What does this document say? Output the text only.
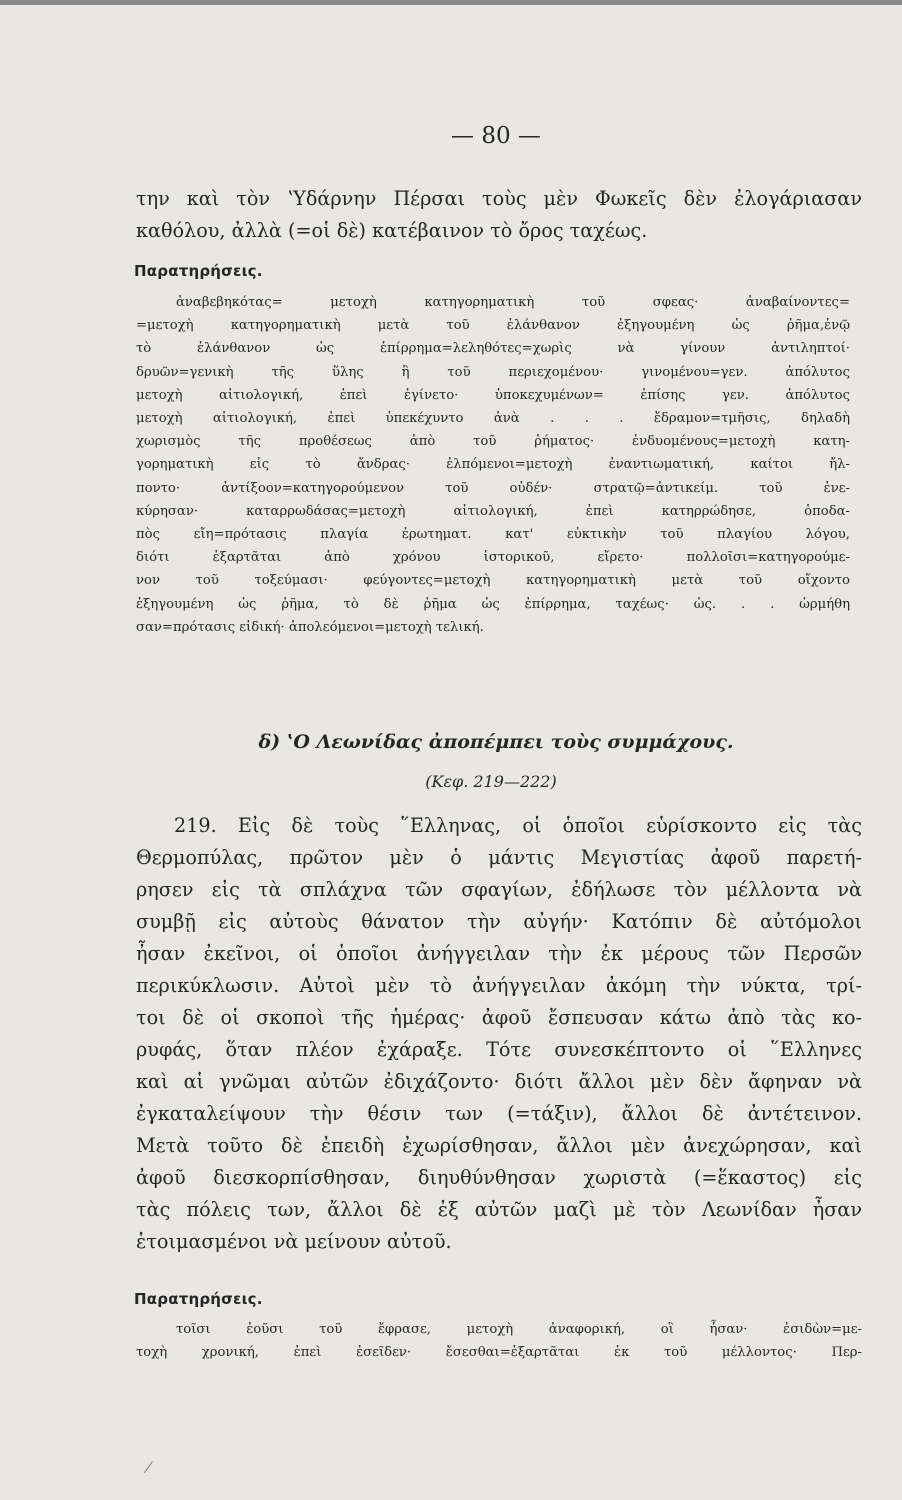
— 80 —
την καὶ τὸν ʽΥδάρνην Πέρσαι τοὺς μὲν Φωκεῖς δὲν ἐλογάριασαν
καθόλου, ἀλλὰ (=οἱ δὲ) κατέβαινον τὸ ὄρος ταχέως.
Παρατηρήσεις.
ἀναβεβηκότας= μετοχὴ κατηγορηματικὴ τοῦ σφεας· ἀναβαίνοντες=
=μετοχὴ κατηγορηματικὴ μετὰ τοῦ ἐλάνθανον ἐξηγουμένη ὡς ῥῆμα,ἐνῷ
τὸ ἐλάνθανον ὡς ἐπίρρημα=λεληθότες=χωρὶς νὰ γίνουν ἀντιληπτοί·
δρυῶν=γενικὴ τῆς ὕλης ἢ τοῦ περιεχομένου· γινομένου=γεν. ἀπόλυτος
μετοχὴ αἰτιολογική, ἐπεὶ ἐγίνετο· ὑποκεχυμένων= ἐπίσης γεν. ἀπόλυτος
μετοχὴ αἰτιολογική, ἐπεὶ ὑπεκέχυντο ἀνὰ . . . ἔδραμον=τμῆσις, δηλαδὴ
χωρισμὸς τῆς προθέσεως ἀπὸ τοῦ ῥήματος· ἐνδυομένους=μετοχὴ κατη-
γορηματικὴ εἰς τὸ ἄνδρας· ἐλπόμενοι=μετοχὴ ἐναντιωματική, καίτοι ἤλ-
ποντο· ἀντίξοον=κατηγορούμενον τοῦ οὐδέν· στρατῷ=ἀντικείμ. τοῦ ἐνε-
κύρησαν· καταρρωδάσας=μετοχὴ αἰτιολογική, ἐπεὶ κατηρρώδησε, ὁποδα-
πὸς εἴη=πρότασις πλαγία ἐρωτηματ. κατ' εὐκτικὴν τοῦ πλαγίου λόγου,
διότι ἐξαρτᾶται ἀπὸ χρόνου ἱστορικοῦ, εἴρετο· πολλοῖσι=κατηγορούμε-
νον τοῦ τοξεύμασι· φεύγοντες=μετοχὴ κατηγορηματικὴ μετὰ τοῦ οἴχοντο
ἐξηγουμένη ὡς ῥῆμα, τὸ δὲ ῥῆμα ὡς ἐπίρρημα, ταχέως· ὡς. . . ὡρμήθη
σαν=πρότασις εἰδική· ἀπολεόμενοι=μετοχὴ τελική.
δ) ʽΟ Λεωνίδας ἀποπέμπει τοὺς συμμάχους.
(Κεφ. 219—222)
219. Εἰς δὲ τοὺς ῞Ελληνας, οἱ ὁποῖοι εὑρίσκοντο εἰς τὰς
Θερμοπύλας, πρῶτον μὲν ὁ μάντις Μεγιστίας ἀφοῦ παρετή-
ρησεν εἰς τὰ σπλάχνα τῶν σφαγίων, ἐδήλωσε τὸν μέλλοντα νὰ
συμβῇ εἰς αὐτοὺς θάνατον τὴν αὐγήν· Κατόπιν δὲ αὐτόμολοι
ἦσαν ἐκεῖνοι, οἱ ὁποῖοι ἀνήγγειλαν τὴν ἐκ μέρους τῶν Περσῶν
περικύκλωσιν. Αὐτοὶ μὲν τὸ ἀνήγγειλαν ἀκόμη τὴν νύκτα, τρί-
τοι δὲ οἱ σκοποὶ τῆς ἡμέρας· ἀφοῦ ἔσπευσαν κάτω ἀπὸ τὰς κο-
ρυφάς, ὅταν πλέον ἐχάραξε. Τότε συνεσκέπτοντο οἱ ῞Ελληνες
καὶ αἱ γνῶμαι αὐτῶν ἐδιχάζοντο· διότι ἄλλοι μὲν δὲν ἄφηναν νὰ
ἐγκαταλείψουν τὴν θέσιν των (=τάξιν), ἄλλοι δὲ ἀντέτεινον.
Μετὰ τοῦτο δὲ ἐπειδὴ ἐχωρίσθησαν, ἄλλοι μὲν ἀνεχώρησαν, καὶ
ἀφοῦ διεσκορπίσθησαν, διηυθύνθησαν χωριστὰ (=ἕκαστος) εἰς
τὰς πόλεις των, ἄλλοι δὲ ἐξ αὐτῶν μαζὶ μὲ τὸν Λεωνίδαν ἦσαν
ἑτοιμασμένοι νὰ μείνουν αὐτοῦ.
Παρατηρήσεις.
τοῖσι ἐοῦσι τοῦ ἔφρασε, μετοχὴ ἀναφορική, οἳ ἦσαν· ἐσιδὼν=με-
τοχὴ χρονική, ἐπεὶ ἐσεῖδεν· ἔσεσθαι=ἐξαρτᾶται ἐκ τοῦ μέλλοντος· Περ-
